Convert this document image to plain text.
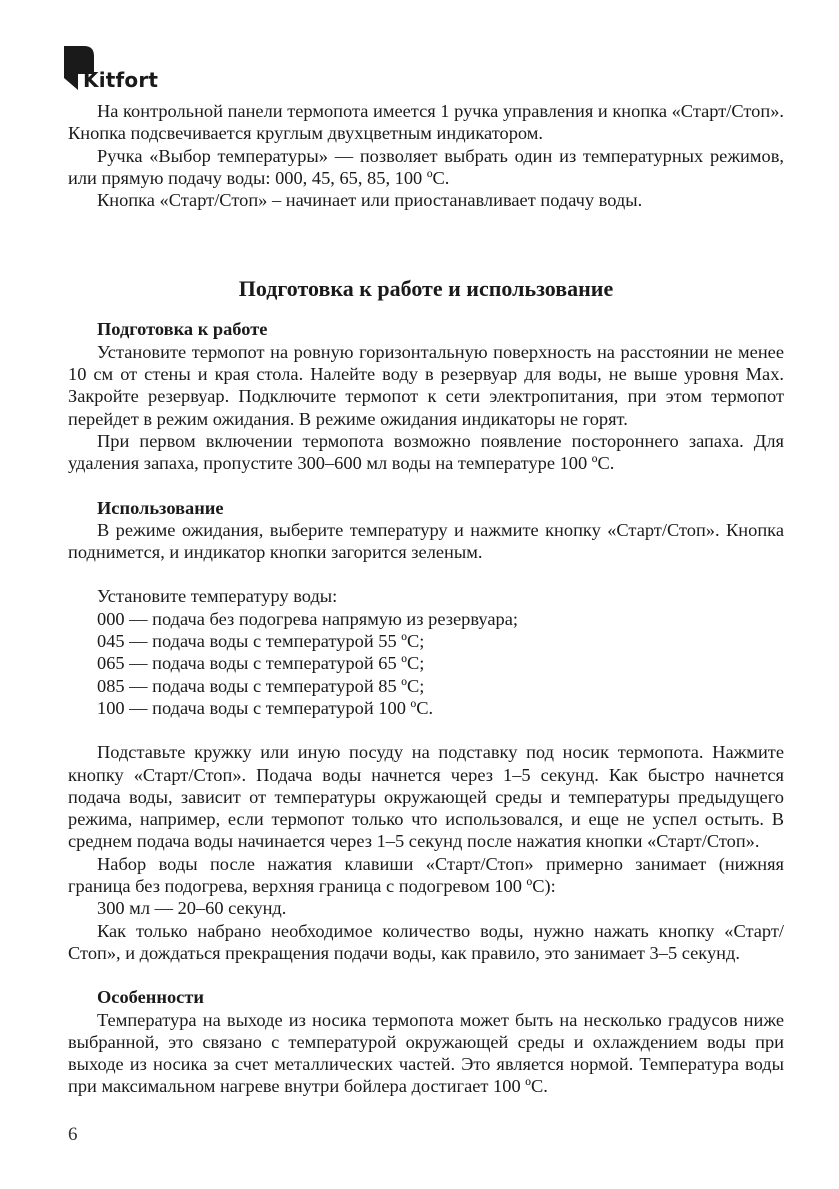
Kitfort

На контрольной панели термопота имеется 1 ручка управления и кнопка «Старт/Стоп». Кнопка подсвечивается круглым двухцветным индикатором.

Ручка «Выбор температуры» — позволяет выбрать один из температурных режимов, или прямую подачу воды: 000, 45, 65, 85, 100 ºС.

Кнопка «Старт/Стоп» – начинает или приостанавливает подачу воды.

Подготовка к работе и использование
Подготовка к работе

Установите термопот на ровную горизонтальную поверхность на расстоянии не менее 10 см от стены и края стола. Налейте воду в резервуар для воды, не выше уровня Max. Закройте резервуар. Подключите термопот к сети электропитания, при этом термопот перейдет в режим ожидания. В режиме ожидания индикаторы не горят.

При первом включении термопота возможно появление постороннего запаха. Для удаления запаха, пропустите 300–600 мл воды на температуре 100 ºС.

Использование

В режиме ожидания, выберите температуру и нажмите кнопку «Старт/Стоп». Кнопка поднимется, и индикатор кнопки загорится зеленым.

Установите температуру воды:
000 — подача без подогрева напрямую из резервуара;
045 — подача воды с температурой 55 ºС;
065 — подача воды с температурой 65 ºС;
085 — подача воды с температурой 85 ºС;
100 — подача воды с температурой 100 ºС.

Подставьте кружку или иную посуду на подставку под носик термопота. Нажмите кнопку «Старт/Стоп». Подача воды начнется через 1–5 секунд. Как быстро начнется подача воды, зависит от температуры окружающей среды и температуры предыдущего режима, например, если термопот только что использовался, и еще не успел остыть. В среднем подача воды начинается через 1–5 секунд после нажатия кнопки «Старт/Стоп».

Набор воды после нажатия клавиши «Старт/Стоп» примерно занимает (нижняя граница без подогрева, верхняя граница с подогревом 100 ºС):

300 мл — 20–60 секунд.

Как только набрано необходимое количество воды, нужно нажать кнопку «Старт/Стоп», и дождаться прекращения подачи воды, как правило, это занимает 3–5 секунд.

Особенности

Температура на выходе из носика термопота может быть на несколько градусов ниже выбранной, это связано с температурой окружающей среды и охлаждением воды при выходе из носика за счет металлических частей. Это является нормой. Температура воды при максимальном нагреве внутри бойлера достигает 100 ºС.

6
